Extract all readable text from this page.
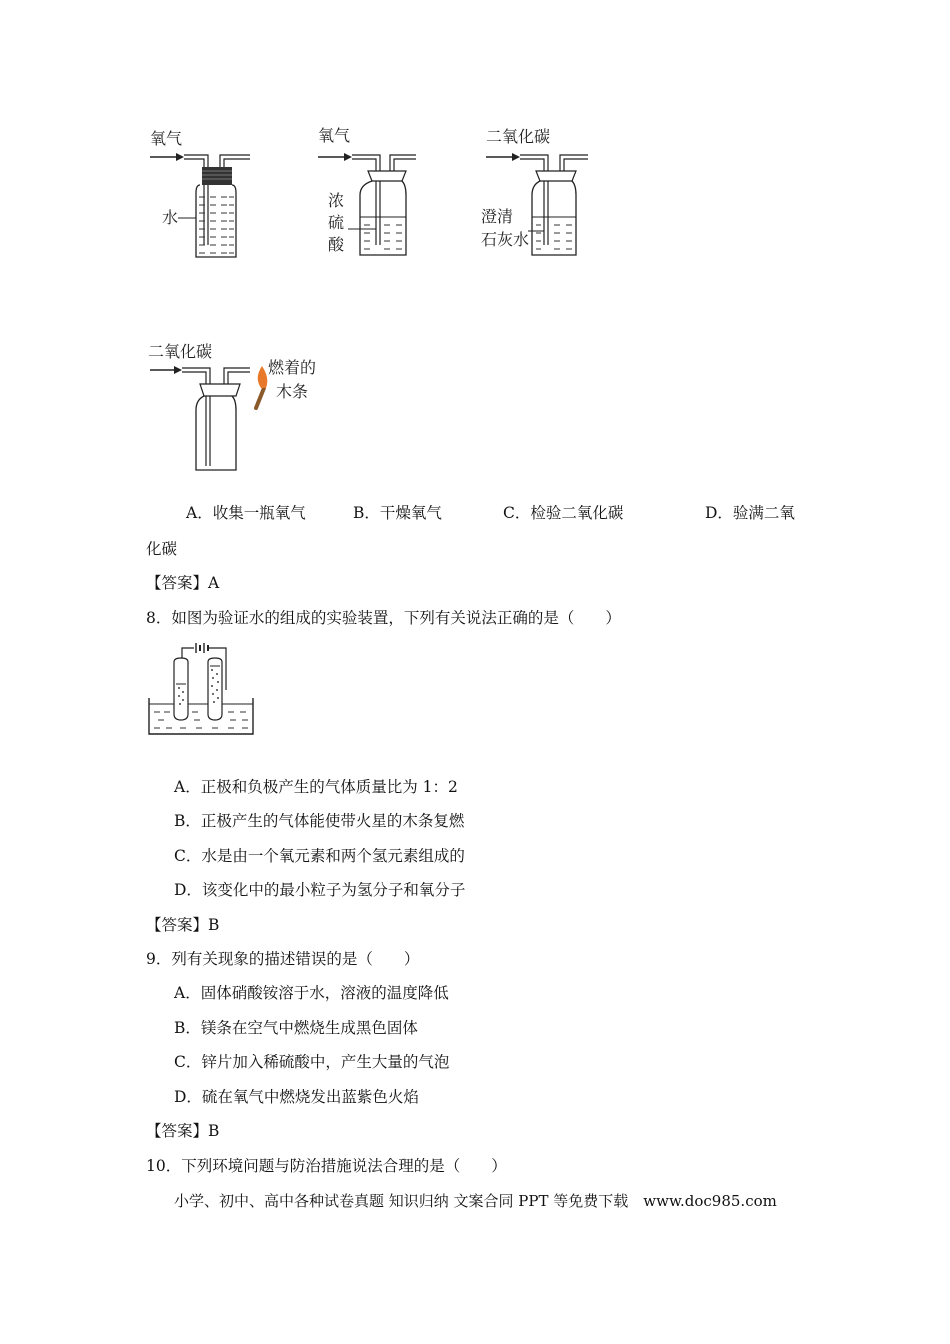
氧气
水
氧气
浓
硫
酸
二氧化碳
澄清
石灰水
二氧化碳
燃着的
木条
A．收集一瓶氧气	B．干燥氧气	C．检验二氧化碳	D．验满二氧
化碳
【答案】A
8．如图为验证水的组成的实验装置，下列有关说法正确的是（　　）
A．正极和负极产生的气体质量比为 1：2
B．正极产生的气体能使带火星的木条复燃
C．水是由一个氧元素和两个氢元素组成的
D．该变化中的最小粒子为氢分子和氧分子
【答案】B
9．列有关现象的描述错误的是（　　）
A．固体硝酸铵溶于水，溶液的温度降低
B．镁条在空气中燃烧生成黑色固体
C．锌片加入稀硫酸中，产生大量的气泡
D．硫在氧气中燃烧发出蓝紫色火焰
【答案】B
10．下列环境问题与防治措施说法合理的是（　　）
小学、初中、高中各种试卷真题 知识归纳 文案合同 PPT 等免费下载　www.doc985.com
